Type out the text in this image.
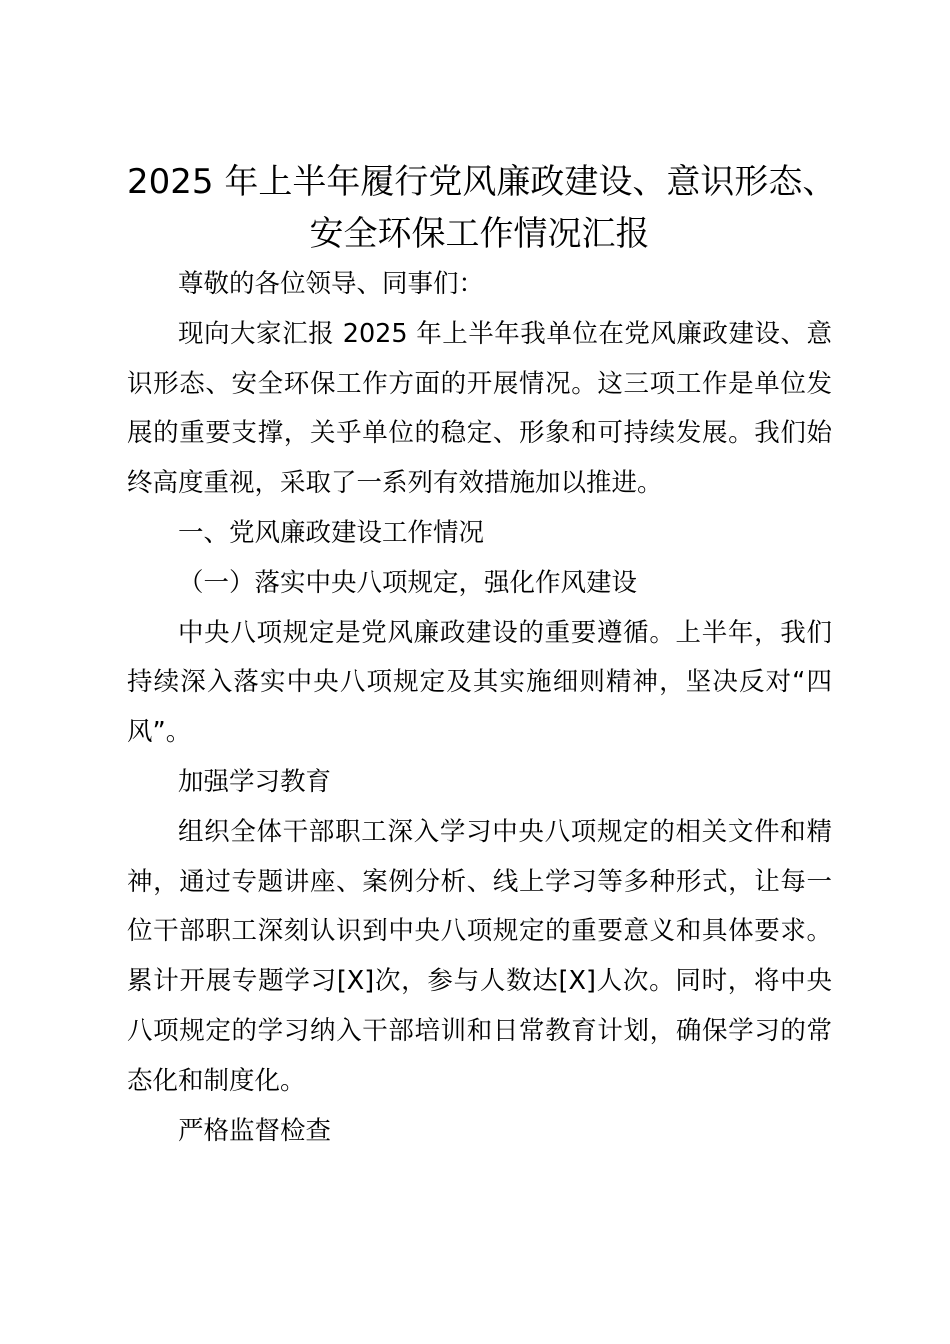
2025 年上半年履行党风廉政建设、意识形态、
安全环保工作情况汇报

尊敬的各位领导、同事们：

现向大家汇报 2025 年上半年我单位在党风廉政建设、意识形态、安全环保工作方面的开展情况。这三项工作是单位发展的重要支撑，关乎单位的稳定、形象和可持续发展。我们始终高度重视，采取了一系列有效措施加以推进。

一、党风廉政建设工作情况

（一）落实中央八项规定，强化作风建设

中央八项规定是党风廉政建设的重要遵循。上半年，我们持续深入落实中央八项规定及其实施细则精神，坚决反对“四风”。

加强学习教育

组织全体干部职工深入学习中央八项规定的相关文件和精神，通过专题讲座、案例分析、线上学习等多种形式，让每一位干部职工深刻认识到中央八项规定的重要意义和具体要求。累计开展专题学习[X]次，参与人数达[X]人次。同时，将中央八项规定的学习纳入干部培训和日常教育计划，确保学习的常态化和制度化。

严格监督检查
